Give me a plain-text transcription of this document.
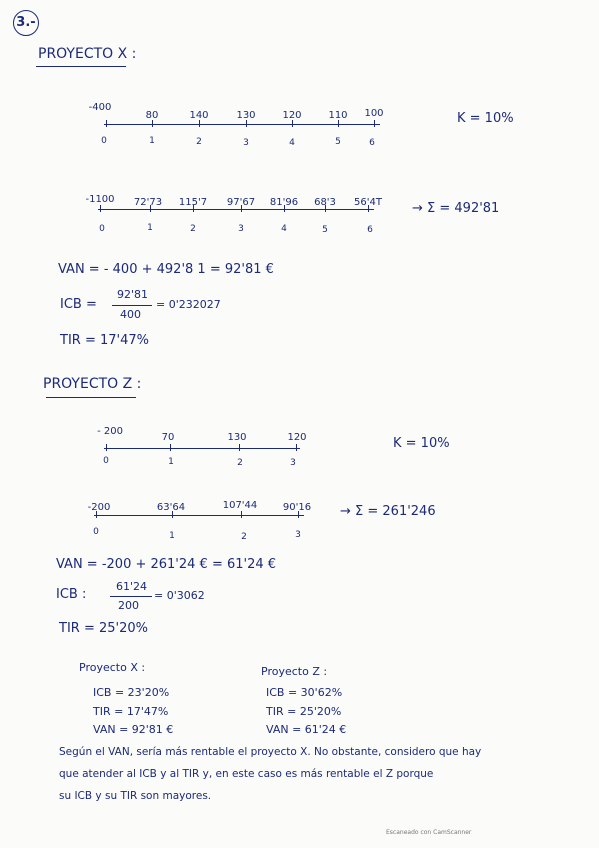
3.-
PROYECTO X :
-400
80	140	130	120	110 100
0	1	2	3	4	5	6
K = 10%
-1100 72'73 115'7 97'67 81'96 68'3 56'4T
0	1	2	3	4	5	6
→ Σ = 492'81
VAN = - 400 + 492'8 1 = 92'81 €
ICB =
92'81
400
= 0'232027
TIR = 17'47%
PROYECTO Z :
- 200
70	130	120
0	1	2	3
K = 10%
-200	63'64	107'44	90'16
0	1	2	3
→ Σ = 261'246
VAN = -200 + 261'24 € = 61'24 €
ICB :
61'24
200
= 0'3062
TIR = 25'20%
Proyecto X :
ICB = 23'20%
TIR = 17'47%
VAN = 92'81 €
Proyecto Z :
ICB = 30'62%
TIR = 25'20%
VAN = 61'24 €
Según el VAN, sería más rentable el proyecto X. No obstante, considero que hay
que atender al ICB y al TIR y, en este caso es más rentable el Z porque
su ICB y su TIR son mayores.
Escaneado con CamScanner
